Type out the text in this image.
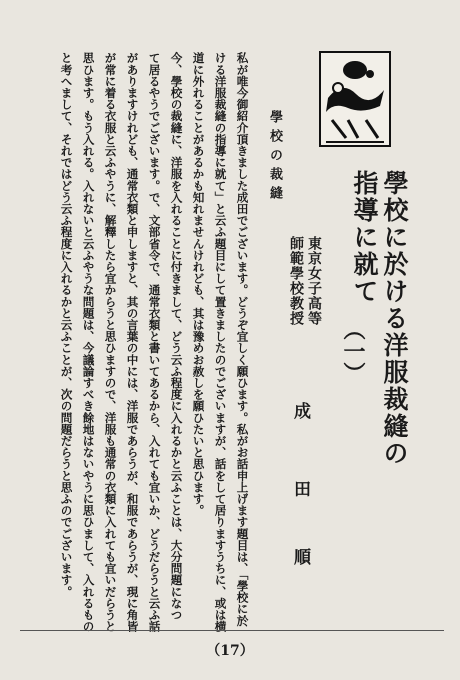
學校に於ける洋服裁縫の
指導に就て
（一）
東京女子高等
師範學校教授
成
田
順
學校の裁縫
私が唯今御紹介頂きました成田でございます。どうぞ宜しく願ひます。私がお話申上げます題目は、「學校に於
ける洋服裁縫の指導に就て」と云ふ題目にして置きましたのでございますが、話をして居りますうちに、或は横
道に外れることがあるかも知れませんけれども、其は豫めお赦しを願ひたいと思ひます。
今、學校の裁縫に、洋服を入れることに付きまして、どう云ふ程度に入れるかと云ふことは、大分問題になつ
て居るやうでございます。で、文部省令で、通常衣類と書いてあるから、入れても宜いか、どうだらうと云ふ話
がありますけれども、通常衣類と申しますと、其の言葉の中には、洋服であらうが、和服であらうが、現に角皆
が常に着る衣服と云ふやうに、解釋したら宜からうと思ひますので、洋服も通常の衣類に入れても宜いだらうと
思ひます。もう入れる。入れないと云ふやうな問題は、今議論すべき餘地はないやうに思ひまして、入れるもの
と考へまして、それではどう云ふ程度に入れるかと云ふことが、次の問題だらうと思ふのでございます。
（17）
